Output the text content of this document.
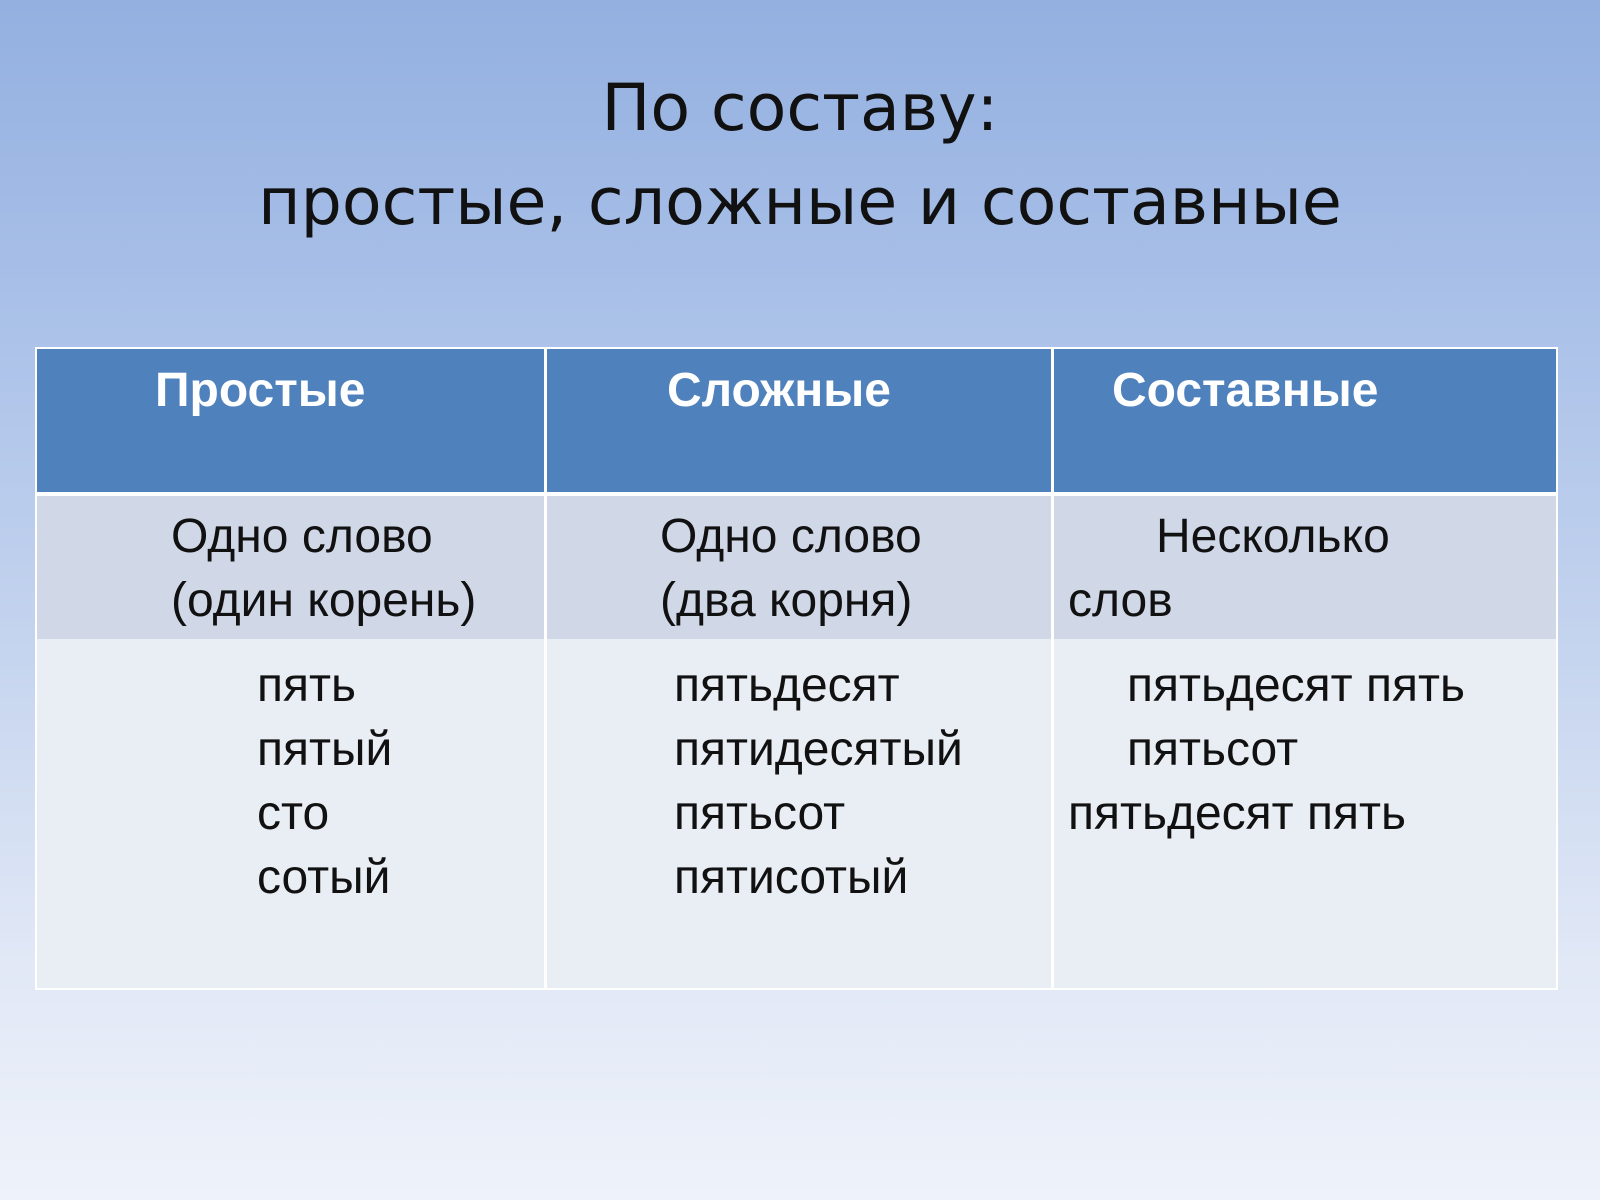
По составу:
простые, сложные и составные
Простые	Сложные	Составные
Одно слово
(один корень)
Одно слово
(два корня)
Несколько
слов
пять
пятый
сто
сотый
пятьдесят
пятидесятый
пятьсот
пятисотый
пятьдесят пять
пятьсот
пятьдесят пять
